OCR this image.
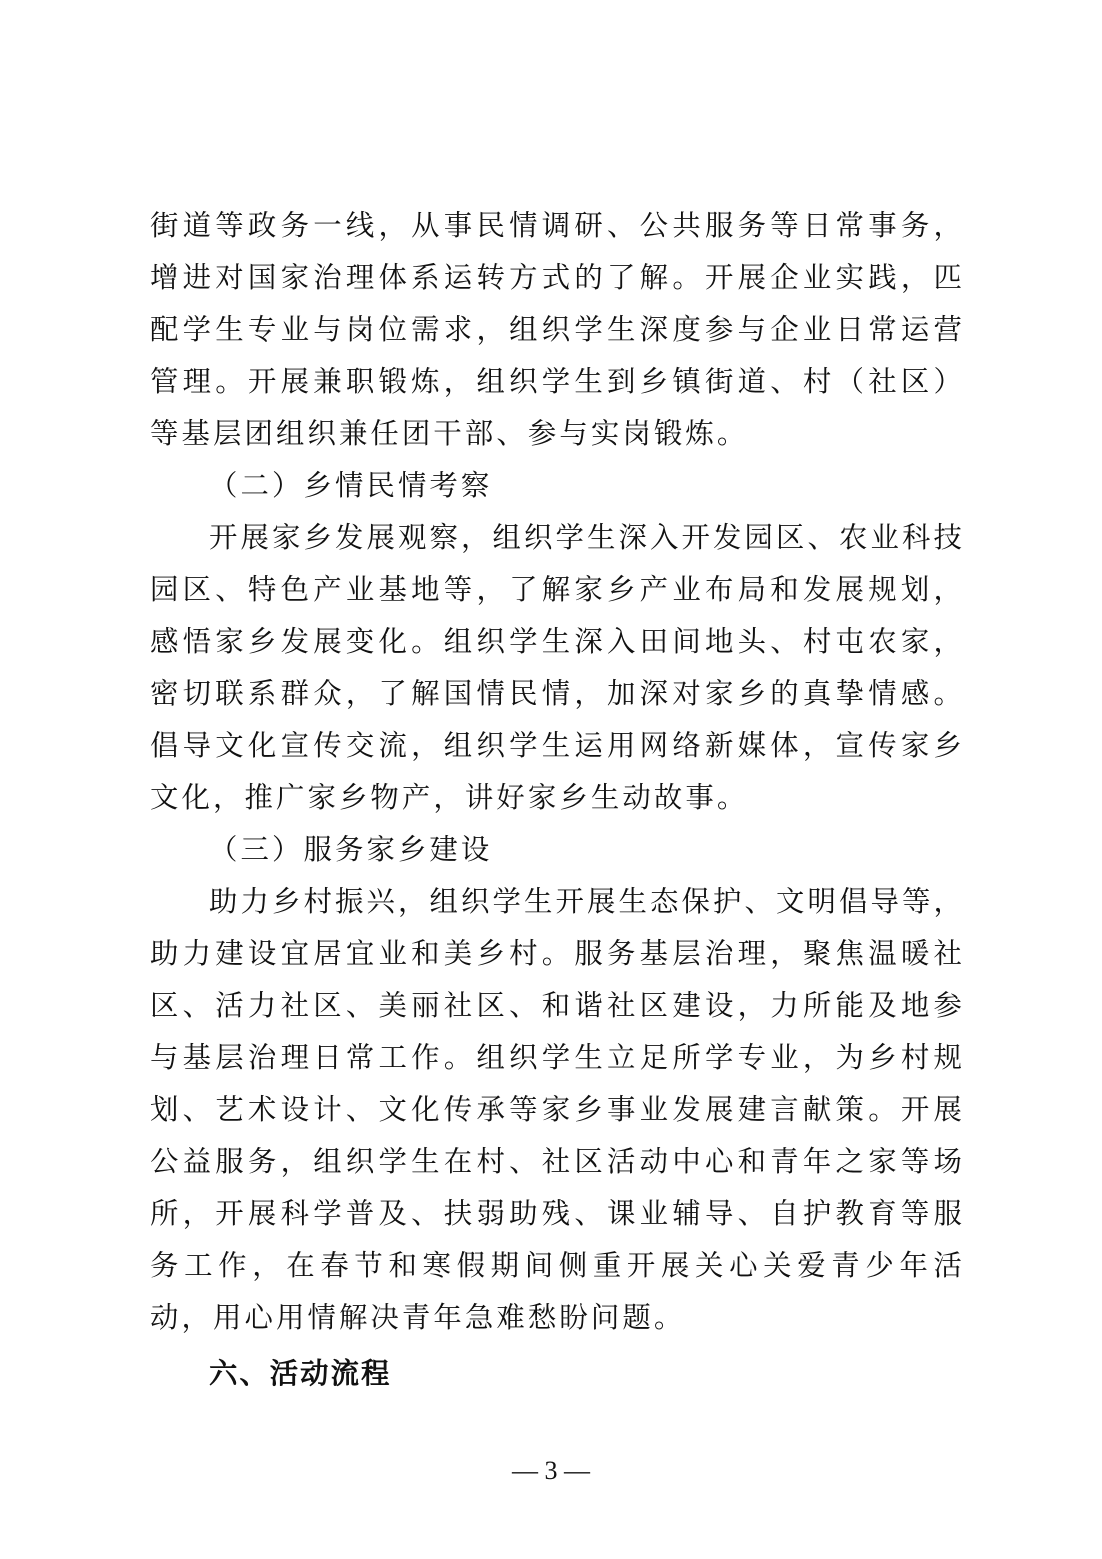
街道等政务一线，从事民情调研、公共服务等日常事务，增进对国家治理体系运转方式的了解。开展企业实践，匹配学生专业与岗位需求，组织学生深度参与企业日常运营管理。开展兼职锻炼，组织学生到乡镇街道、村（社区）等基层团组织兼任团干部、参与实岗锻炼。

（二）乡情民情考察

开展家乡发展观察，组织学生深入开发园区、农业科技园区、特色产业基地等，了解家乡产业布局和发展规划，感悟家乡发展变化。组织学生深入田间地头、村屯农家，密切联系群众，了解国情民情，加深对家乡的真挚情感。倡导文化宣传交流，组织学生运用网络新媒体，宣传家乡文化，推广家乡物产，讲好家乡生动故事。

（三）服务家乡建设

助力乡村振兴，组织学生开展生态保护、文明倡导等，助力建设宜居宜业和美乡村。服务基层治理，聚焦温暖社区、活力社区、美丽社区、和谐社区建设，力所能及地参与基层治理日常工作。组织学生立足所学专业，为乡村规划、艺术设计、文化传承等家乡事业发展建言献策。开展公益服务，组织学生在村、社区活动中心和青年之家等场所，开展科学普及、扶弱助残、课业辅导、自护教育等服务工作，在春节和寒假期间侧重开展关心关爱青少年活动，用心用情解决青年急难愁盼问题。

六、活动流程

— 3 —
